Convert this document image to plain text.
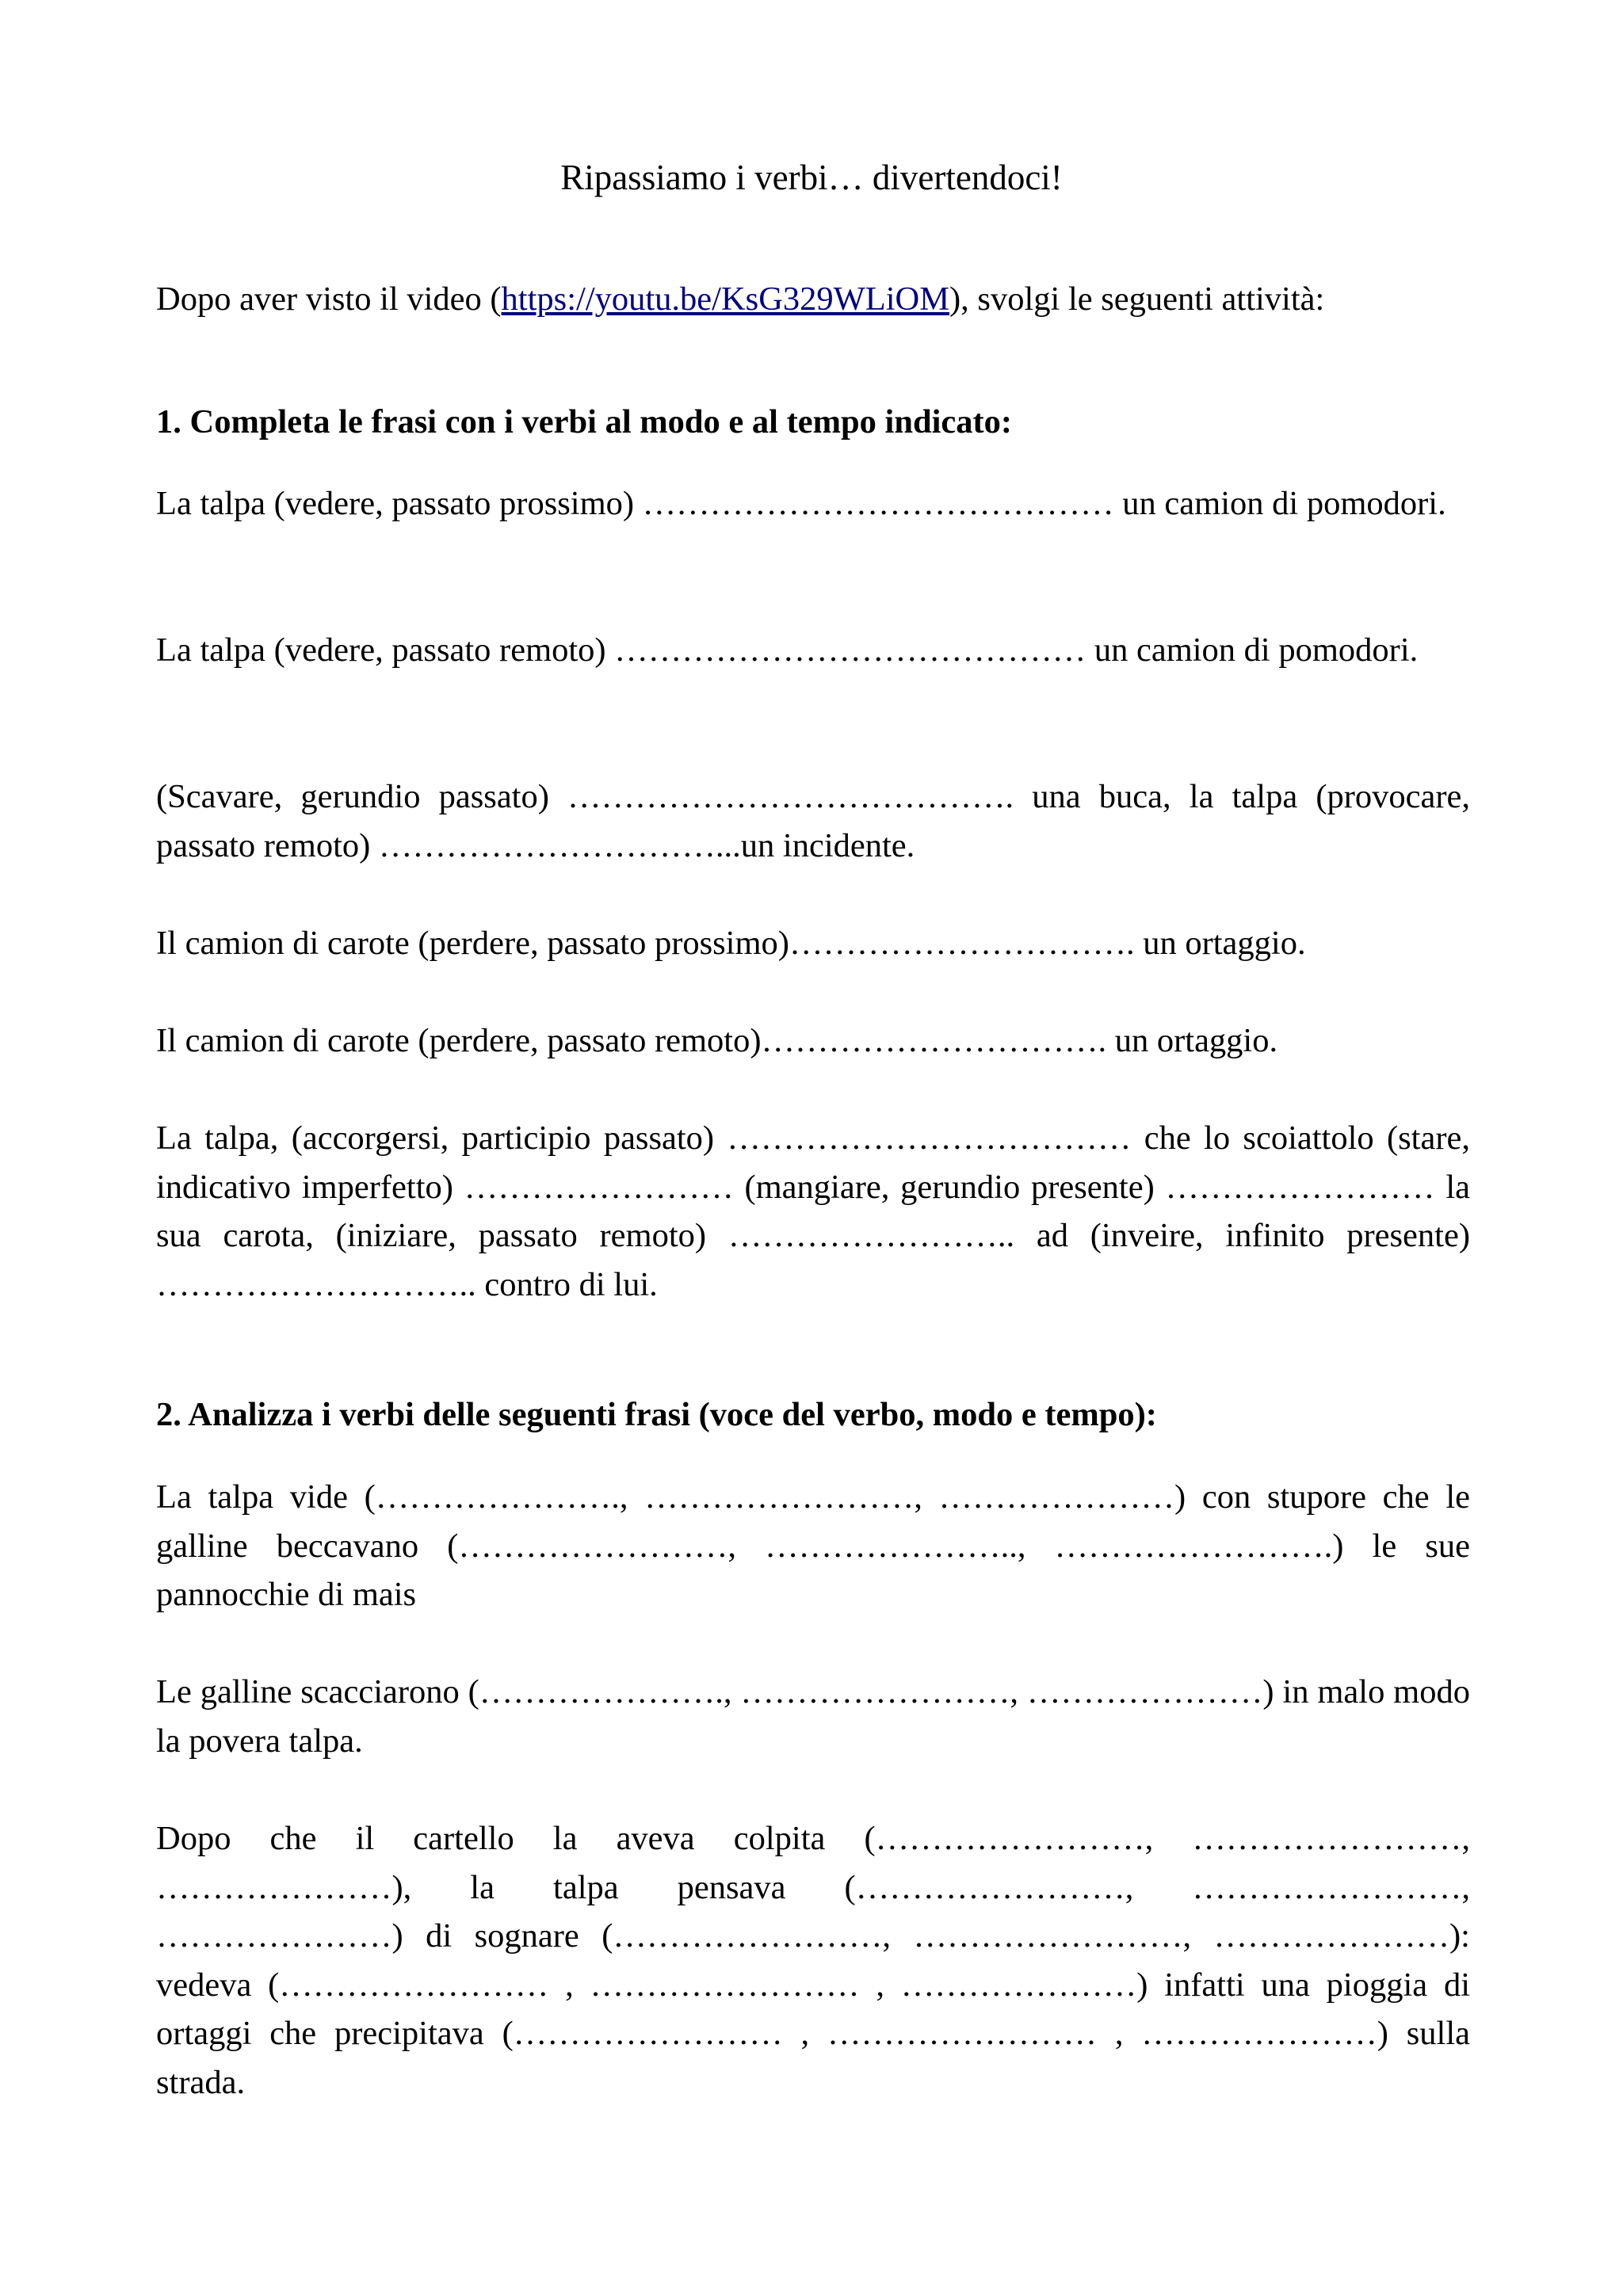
Ripassiamo i verbi… divertendoci!

Dopo aver visto il video (https://youtu.be/KsG329WLiOM), svolgi le seguenti attività:

1. Completa le frasi con i verbi al modo e al tempo indicato:

La talpa (vedere, passato prossimo) …………………………………… un camion di pomodori.

La talpa (vedere, passato remoto) …………………………………… un camion di pomodori.

(Scavare, gerundio passato) …………………………………. una buca, la talpa (provocare, passato remoto) …………………………...un incidente.

Il camion di carote (perdere, passato prossimo)…………………………. un ortaggio.

Il camion di carote (perdere, passato remoto)…………………………. un ortaggio.

La talpa, (accorgersi, participio passato) ……………………………… che lo scoiattolo (stare, indicativo imperfetto) …………………… (mangiare, gerundio presente) …………………… la sua carota, (iniziare, passato remoto) …………………….. ad (inveire, infinito presente) ……………………….. contro di lui.

2. Analizza i verbi delle seguenti frasi (voce del verbo, modo e tempo):

La talpa vide (…………………., ……………………, …………………) con stupore che le galline beccavano (……………………, ………………….., …………………….) le sue pannocchie di mais

Le galline scacciarono (…………………., ……………………, …………………) in malo modo la povera talpa.

Dopo che il cartello la aveva colpita (……………………, ……………………, …………………), la talpa pensava (……………………, ……………………, …………………) di sognare (……………………, ……………………, …………………): vedeva (…………………… , …………………… , …………………) infatti una pioggia di ortaggi che precipitava (…………………… , …………………… , …………………) sulla strada.
